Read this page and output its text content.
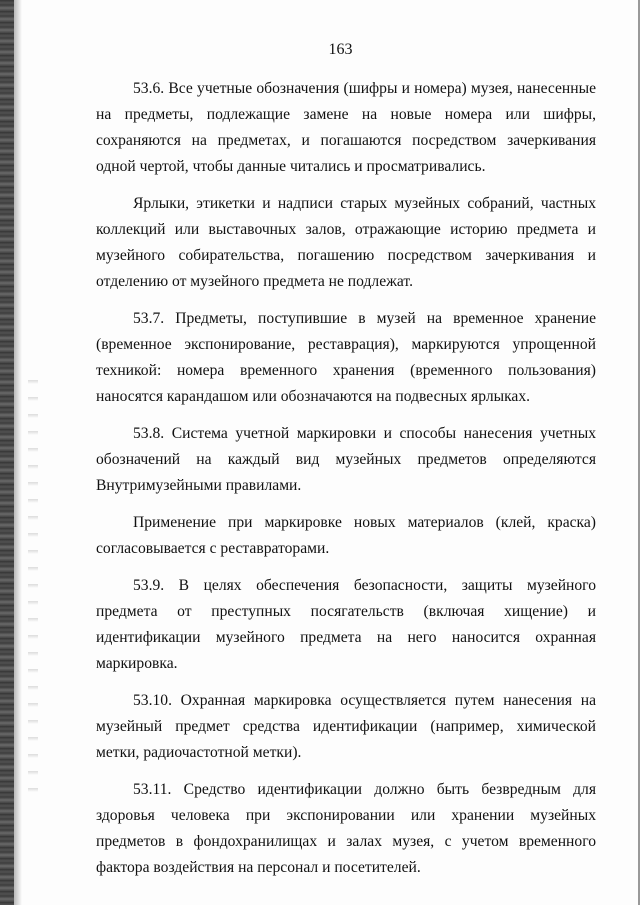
163

53.6. Все учетные обозначения (шифры и номера) музея, нанесенные на предметы, подлежащие замене на новые номера или шифры, сохраняются на предметах, и погашаются посредством зачеркивания одной чертой, чтобы данные читались и просматривались.

Ярлыки, этикетки и надписи старых музейных собраний, частных коллекций или выставочных залов, отражающие историю предмета и музейного собирательства, погашению посредством зачеркивания и отделению от музейного предмета не подлежат.

53.7. Предметы, поступившие в музей на временное хранение (временное экспонирование, реставрация), маркируются упрощенной техникой: номера временного хранения (временного пользования) наносятся карандашом или обозначаются на подвесных ярлыках.

53.8. Система учетной маркировки и способы нанесения учетных обозначений на каждый вид музейных предметов определяются Внутримузейными правилами.

Применение при маркировке новых материалов (клей, краска) согласовывается с реставраторами.

53.9. В целях обеспечения безопасности, защиты музейного предмета от преступных посягательств (включая хищение) и идентификации музейного предмета на него наносится охранная маркировка.

53.10. Охранная маркировка осуществляется путем нанесения на музейный предмет средства идентификации (например, химической метки, радиочастотной метки).

53.11. Средство идентификации должно быть безвредным для здоровья человека при экспонировании или хранении музейных предметов в фондохранилищах и залах музея, с учетом временного фактора воздействия на персонал и посетителей.
